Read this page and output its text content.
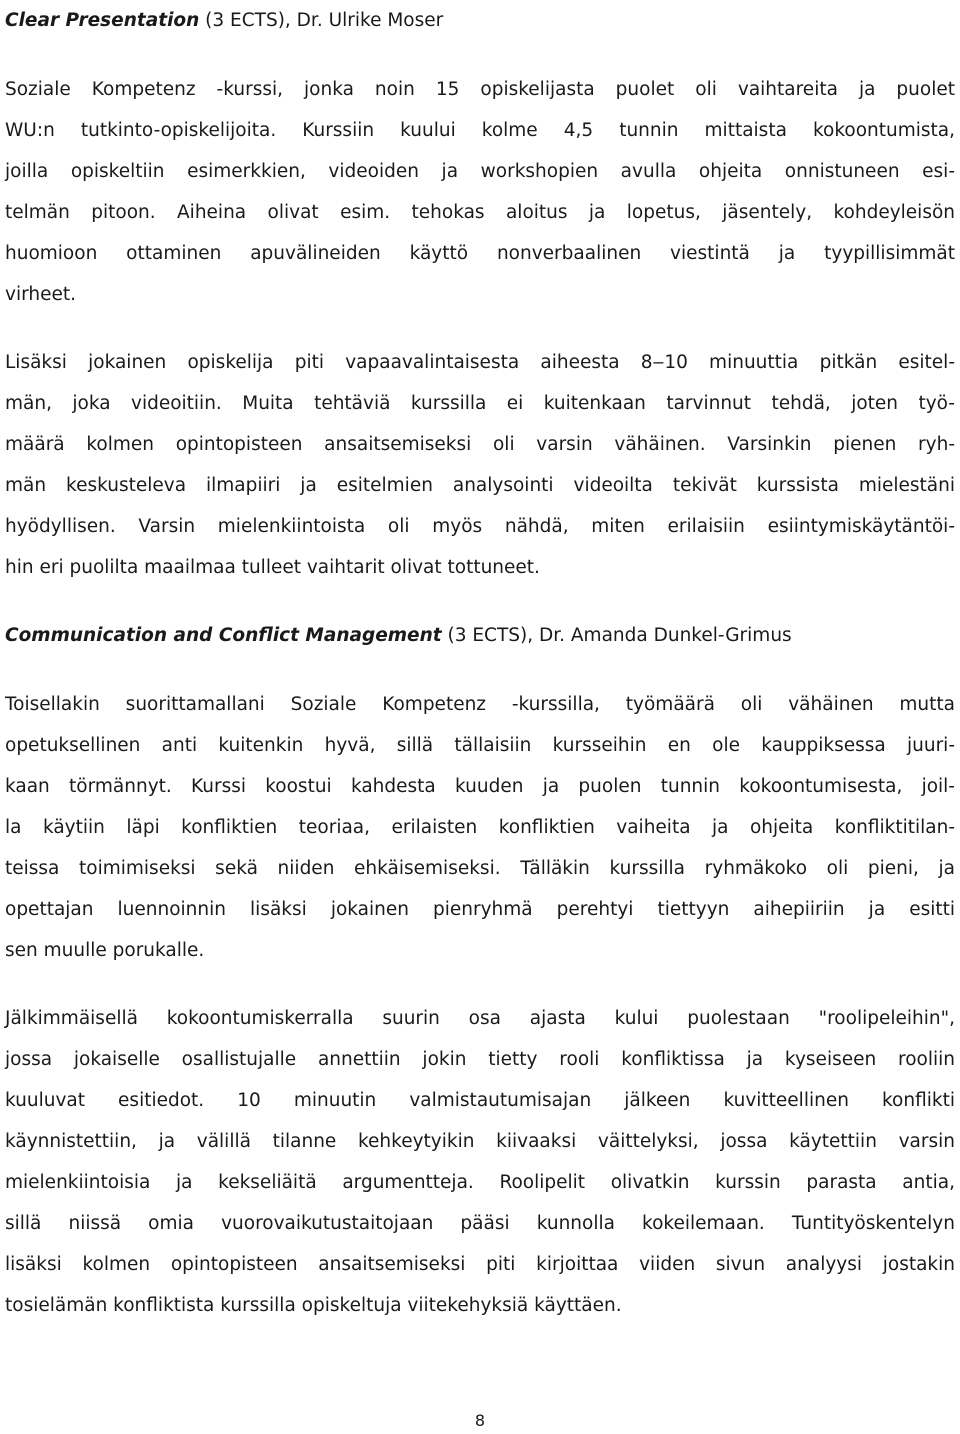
Clear Presentation (3 ECTS), Dr. Ulrike Moser

Soziale Kompetenz -kurssi, jonka noin 15 opiskelijasta puolet oli vaihtareita ja puolet

WU:n tutkinto-opiskelijoita. Kurssiin kuului kolme 4,5 tunnin mittaista kokoontumista,

joilla opiskeltiin esimerkkien, videoiden ja workshopien avulla ohjeita onnistuneen esi-

telmän pitoon. Aiheina olivat esim. tehokas aloitus ja lopetus, jäsentely, kohdeyleisön

huomioon ottaminen apuvälineiden käyttö nonverbaalinen viestintä ja tyypillisimmät

virheet.

Lisäksi jokainen opiskelija piti vapaavalintaisesta aiheesta 8‒10 minuuttia pitkän esitel-

män, joka videoitiin. Muita tehtäviä kurssilla ei kuitenkaan tarvinnut tehdä, joten työ-

määrä kolmen opintopisteen ansaitsemiseksi oli varsin vähäinen. Varsinkin pienen ryh-

män keskusteleva ilmapiiri ja esitelmien analysointi videoilta tekivät kurssista mielestäni

hyödyllisen. Varsin mielenkiintoista oli myös nähdä, miten erilaisiin esiintymiskäytäntöi-

hin eri puolilta maailmaa tulleet vaihtarit olivat tottuneet.

Communication and Conflict Management (3 ECTS), Dr. Amanda Dunkel-Grimus

Toisellakin suorittamallani Soziale Kompetenz -kurssilla, työmäärä oli vähäinen mutta

opetuksellinen anti kuitenkin hyvä, sillä tällaisiin kursseihin en ole kauppiksessa juuri-

kaan törmännyt. Kurssi koostui kahdesta kuuden ja puolen tunnin kokoontumisesta, joil-

la käytiin läpi konfliktien teoriaa, erilaisten konfliktien vaiheita ja ohjeita konfliktitilan-

teissa toimimiseksi sekä niiden ehkäisemiseksi. Tälläkin kurssilla ryhmäkoko oli pieni, ja

opettajan luennoinnin lisäksi jokainen pienryhmä perehtyi tiettyyn aihepiiriin ja esitti

sen muulle porukalle.

Jälkimmäisellä kokoontumiskerralla suurin osa ajasta kului puolestaan "roolipeleihin",

jossa jokaiselle osallistujalle annettiin jokin tietty rooli konfliktissa ja kyseiseen rooliin

kuuluvat esitiedot. 10 minuutin valmistautumisajan jälkeen kuvitteellinen konflikti

käynnistettiin, ja välillä tilanne kehkeytyikin kiivaaksi väittelyksi, jossa käytettiin varsin

mielenkiintoisia ja kekseliäitä argumentteja. Roolipelit olivatkin kurssin parasta antia,

sillä niissä omia vuorovaikutustaitojaan pääsi kunnolla kokeilemaan. Tuntityöskentelyn

lisäksi kolmen opintopisteen ansaitsemiseksi piti kirjoittaa viiden sivun analyysi jostakin

tosielämän konfliktista kurssilla opiskeltuja viitekehyksiä käyttäen.

8
